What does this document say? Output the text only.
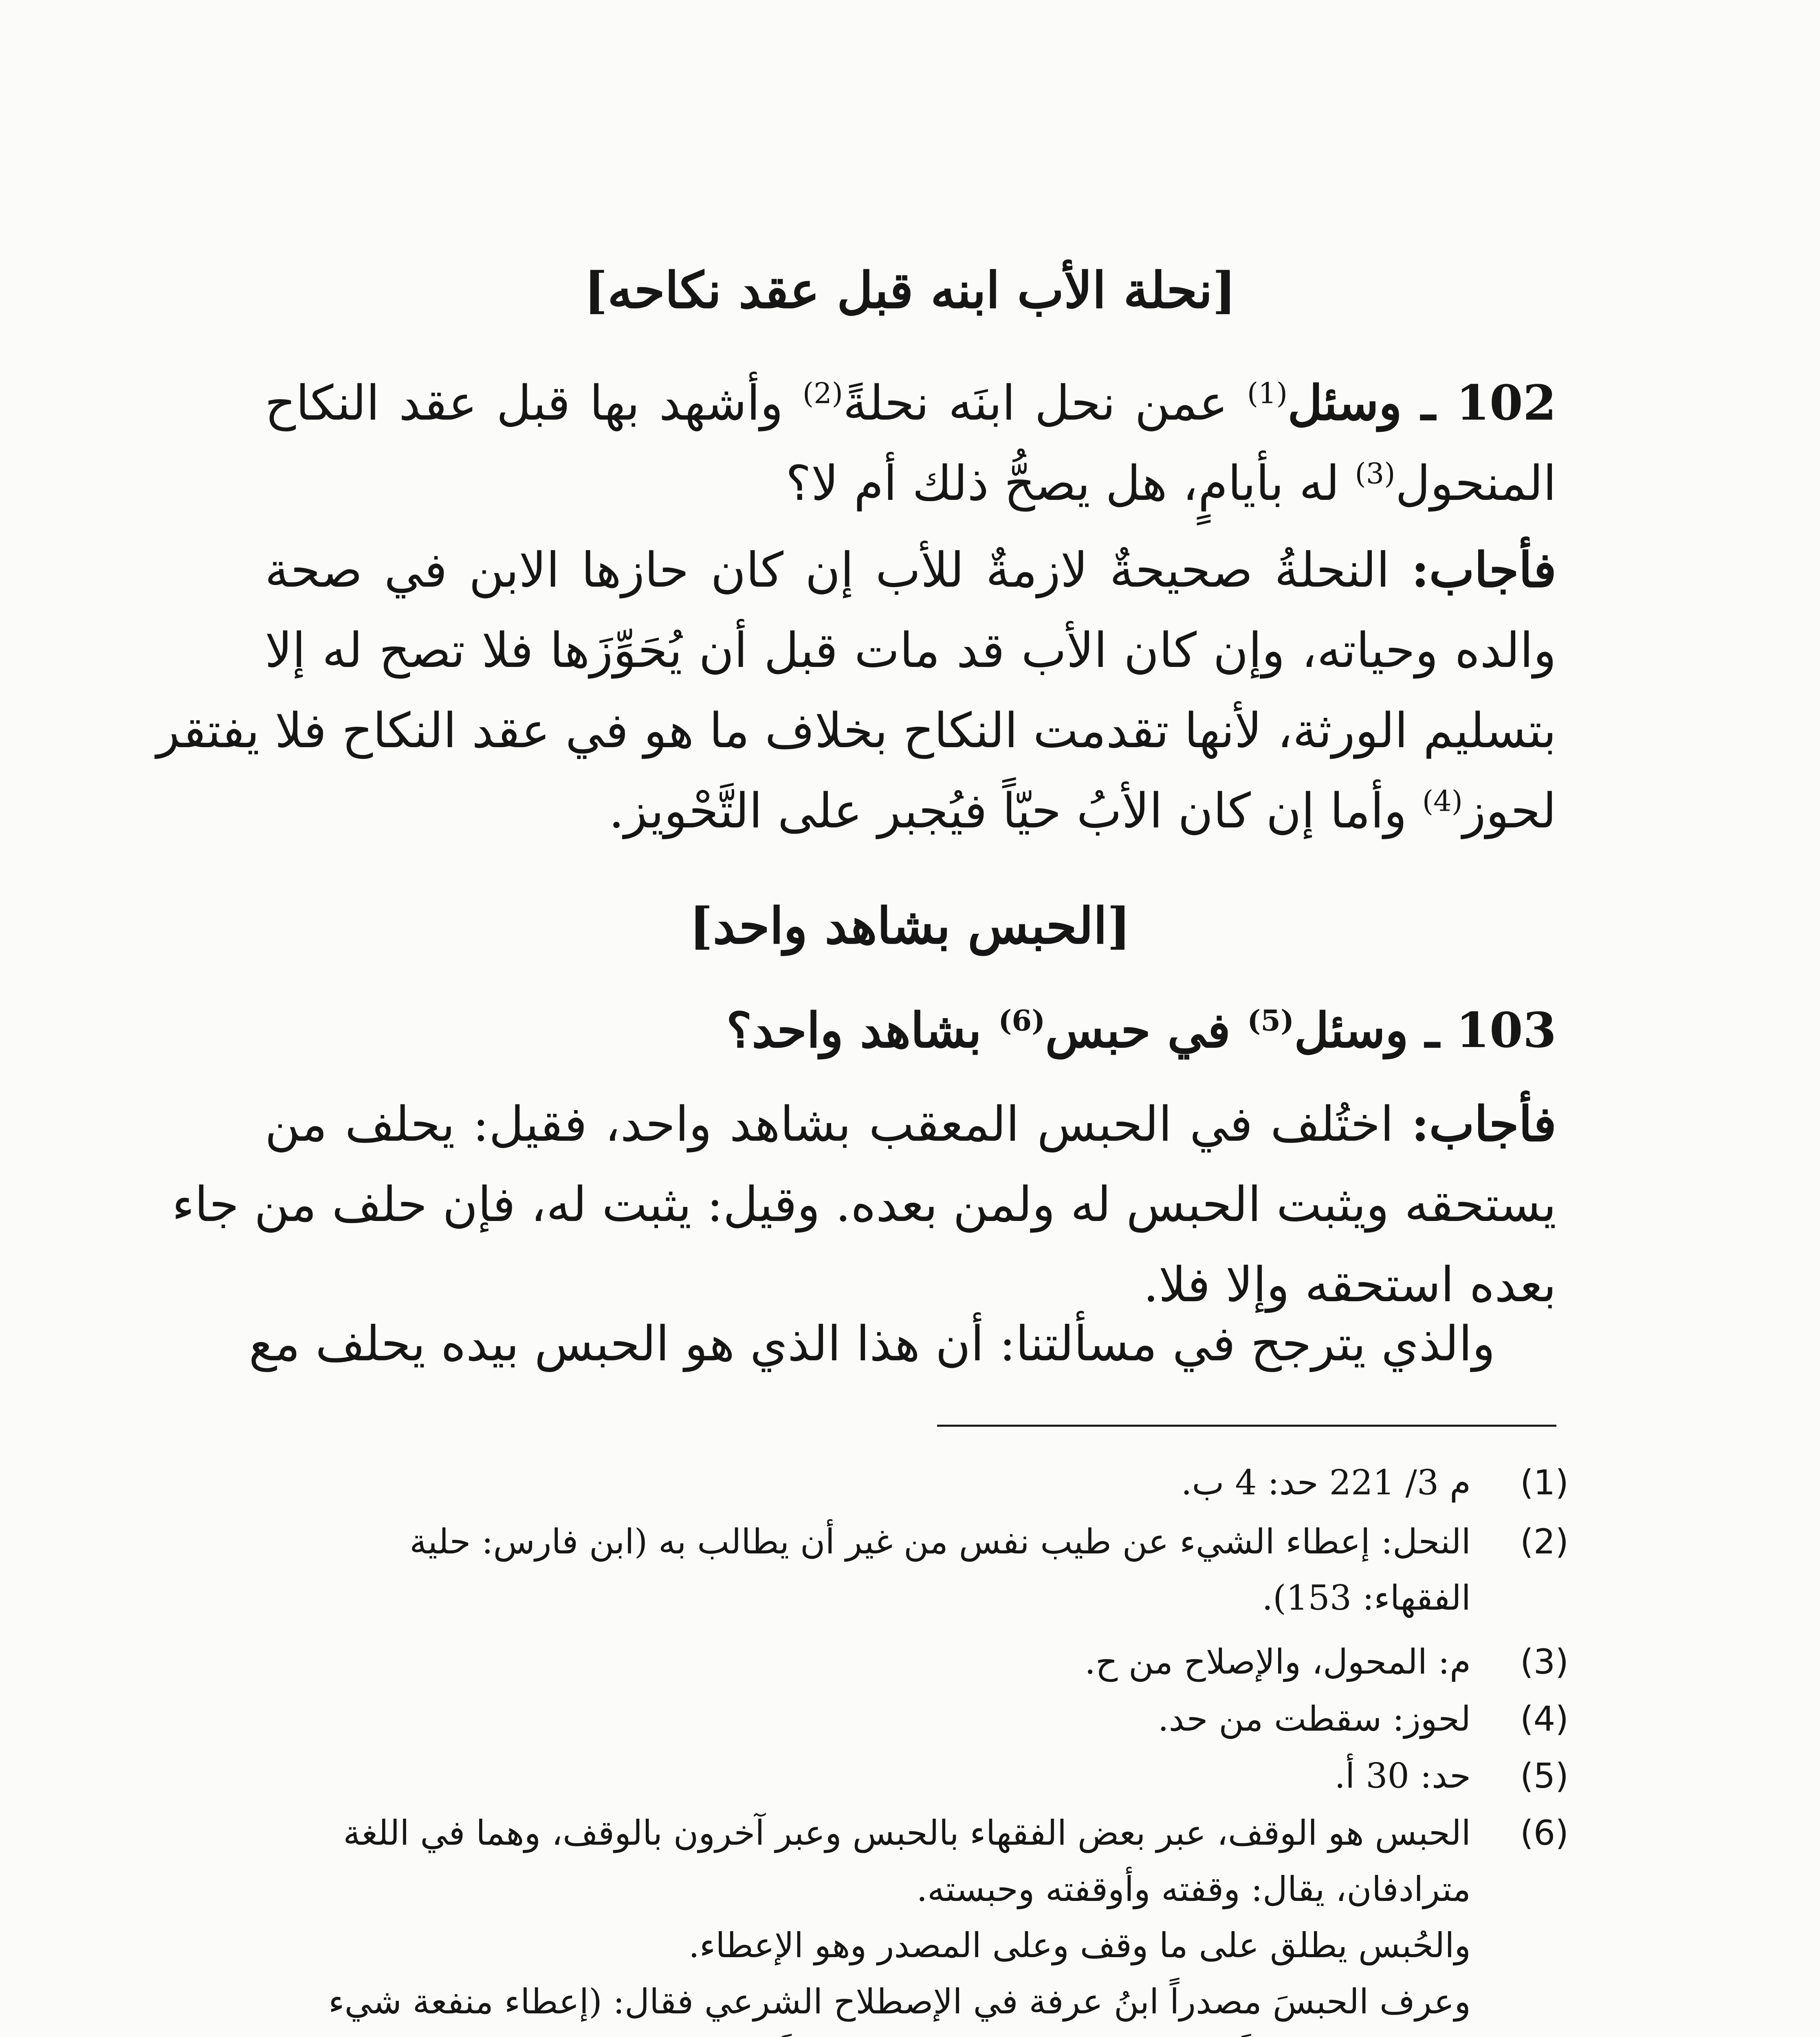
[نحلة الأب ابنه قبل عقد نكاحه]
102 ـ وسئل$^{(1)}$ عمن نحل ابنَه نحلةً$^{(2)}$ وأشهد بها قبل عقد النكاح
المنحول$^{(3)}$ له بأيامٍ، هل يصحُّ ذلك أم لا؟
فأجاب: النحلةُ صحيحةٌ لازمةٌ للأب إن كان حازها الابن في صحة
والده وحياته، وإن كان الأب قد مات قبل أن يُحَوِّزَها فلا تصح له إلا
بتسليم الورثة، لأنها تقدمت النكاح بخلاف ما هو في عقد النكاح فلا يفتقر
لحوز$^{(4)}$ وأما إن كان الأبُ حيّاً فيُجبر على التَّحْويز.
[الحبس بشاهد واحد]
103 ـ وسئل$^{(5)}$ في حبس$^{(6)}$ بشاهد واحد؟
فأجاب: اختُلف في الحبس المعقب بشاهد واحد، فقيل: يحلف من
يستحقه ويثبت الحبس له ولمن بعده. وقيل: يثبت له، فإن حلف من جاء
بعده استحقه وإلا فلا.
والذي يترجح في مسألتنا: أن هذا الذي هو الحبس بيده يحلف مع
(1)
م 3/ 221 حد: 4 ب.
(2)
النحل: إعطاء الشيء عن طيب نفس من غير أن يطالب به (ابن فارس: حلية
الفقهاء: 153).
(3)
م: المحول، والإصلاح من ح.
(4)
لحوز: سقطت من حد.
(5)
حد: 30 أ.
(6)
الحبس هو الوقف، عبر بعض الفقهاء بالحبس وعبر آخرون بالوقف، وهما في اللغة
مترادفان، يقال: وقفته وأوقفته وحبسته.
والحُبس يطلق على ما وقف وعلى المصدر وهو الإعطاء.
وعرف الحبسَ مصدراً ابنُ عرفة في الإصطلاح الشرعي فقال: (إعطاء منفعة شيء
